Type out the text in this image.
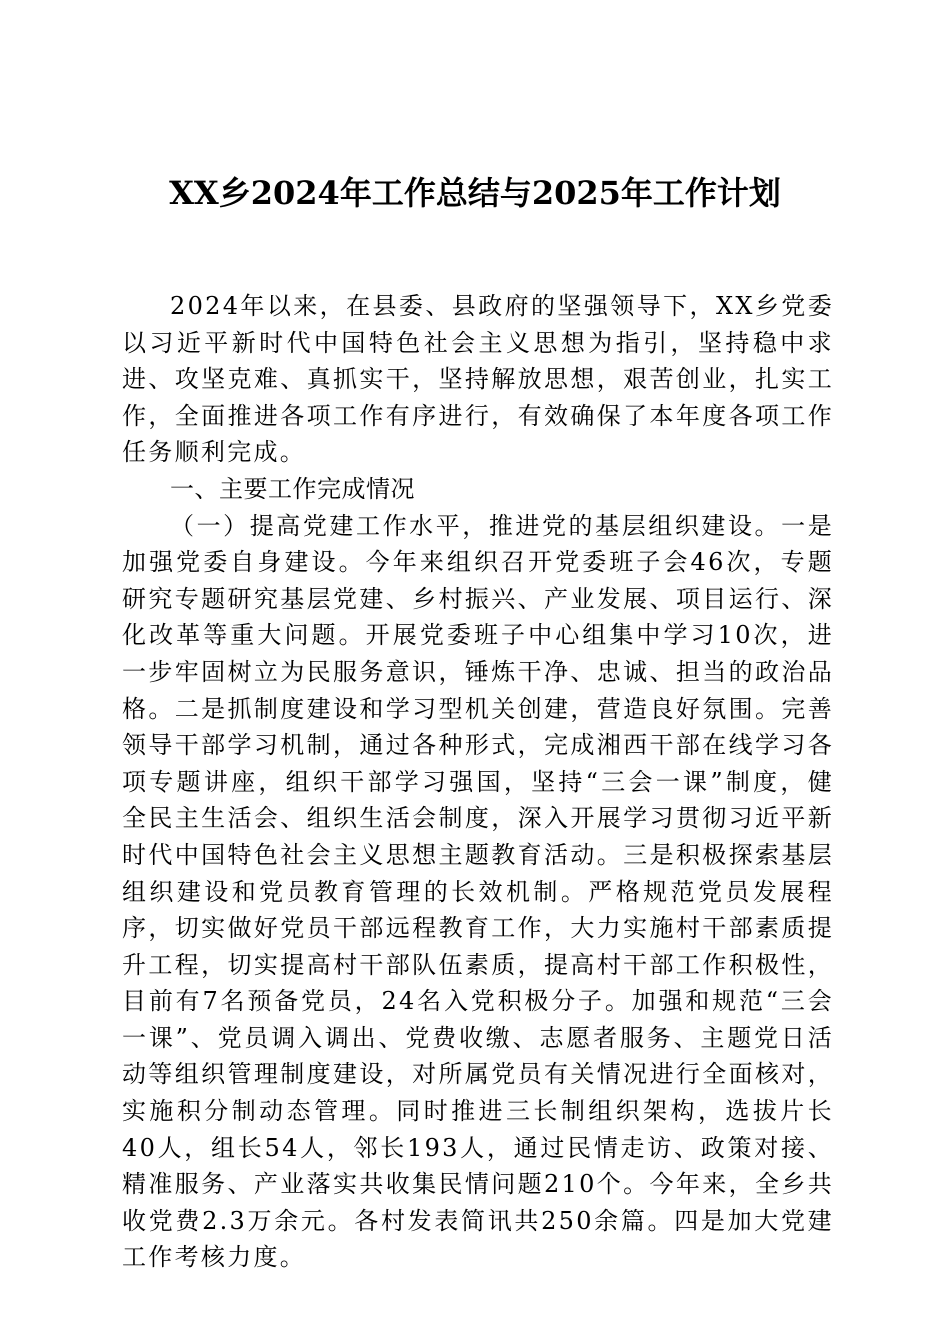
XX乡2024年工作总结与2025年工作计划

2024年以来，在县委、县政府的坚强领导下，XX乡党委以习近平新时代中国特色社会主义思想为指引，坚持稳中求进、攻坚克难、真抓实干，坚持解放思想，艰苦创业，扎实工作，全面推进各项工作有序进行，有效确保了本年度各项工作任务顺利完成。

一、主要工作完成情况

（一）提高党建工作水平，推进党的基层组织建设。一是加强党委自身建设。今年来组织召开党委班子会46次，专题研究专题研究基层党建、乡村振兴、产业发展、项目运行、深化改革等重大问题。开展党委班子中心组集中学习10次，进一步牢固树立为民服务意识，锤炼干净、忠诚、担当的政治品格。二是抓制度建设和学习型机关创建，营造良好氛围。完善领导干部学习机制，通过各种形式，完成湘西干部在线学习各项专题讲座，组织干部学习强国，坚持“三会一课”制度，健全民主生活会、组织生活会制度，深入开展学习贯彻习近平新时代中国特色社会主义思想主题教育活动。三是积极探索基层组织建设和党员教育管理的长效机制。严格规范党员发展程序，切实做好党员干部远程教育工作，大力实施村干部素质提升工程，切实提高村干部队伍素质，提高村干部工作积极性，目前有7名预备党员，24名入党积极分子。加强和规范“三会一课”、党员调入调出、党费收缴、志愿者服务、主题党日活动等组织管理制度建设，对所属党员有关情况进行全面核对，实施积分制动态管理。同时推进三长制组织架构，选拔片长40人，组长54人，邻长193人，通过民情走访、政策对接、精准服务、产业落实共收集民情问题210个。今年来，全乡共收党费2.3万余元。各村发表简讯共250余篇。四是加大党建工作考核力度。
